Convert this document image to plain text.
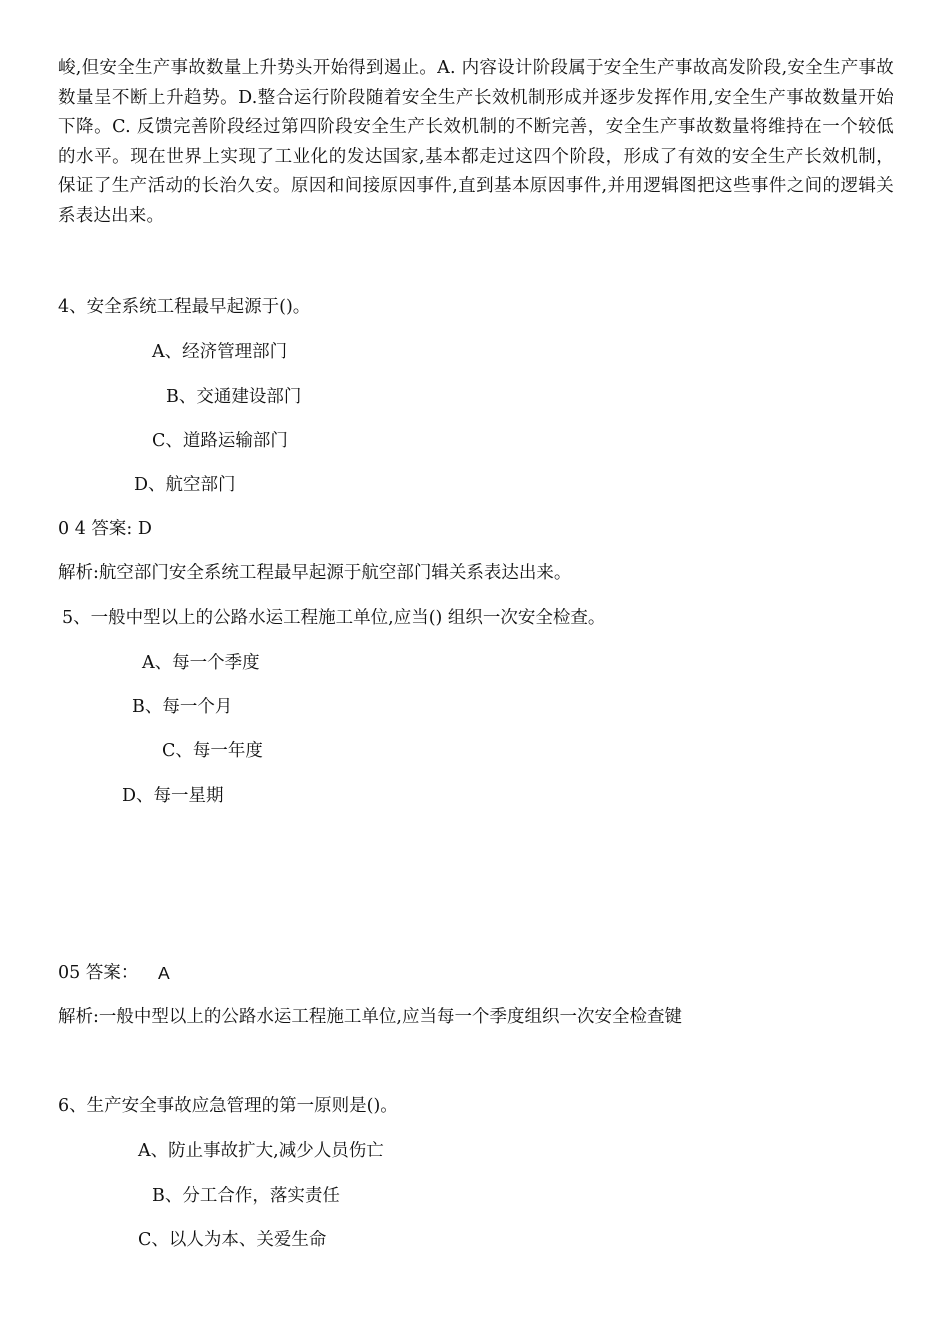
峻,但安全生产事故数量上升势头开始得到遏止。A. 内容设计阶段属于安全生产事故高发阶段,安全生产事故数量呈不断上升趋势。D.整合运行阶段随着安全生产长效机制形成并逐步发挥作用,安全生产事故数量开始下降。C. 反馈完善阶段经过第四阶段安全生产长效机制的不断完善，安全生产事故数量将维持在一个较低的水平。现在世界上实现了工业化的发达国家,基本都走过这四个阶段，形成了有效的安全生产长效机制，保证了生产活动的长治久安。原因和间接原因事件,直到基本原因事件,并用逻辑图把这些事件之间的逻辑关系表达出来。

4、安全系统工程最早起源于()。

A、经济管理部门

B、交通建设部门

C、道路运输部门

D、航空部门

0 4 答案: D

解析:航空部门安全系统工程最早起源于航空部门辑关系表达出来。

5、一般中型以上的公路水运工程施工单位,应当() 组织一次安全检查。

A、每一个季度

B、每一个月

C、每一年度

D、每一星期

05 答案： A

解析:一般中型以上的公路水运工程施工单位,应当每一个季度组织一次安全检查键

6、生产安全事故应急管理的第一原则是()。

A、防止事故扩大,减少人员伤亡

B、分工合作，落实责任

C、以人为本、关爱生命
